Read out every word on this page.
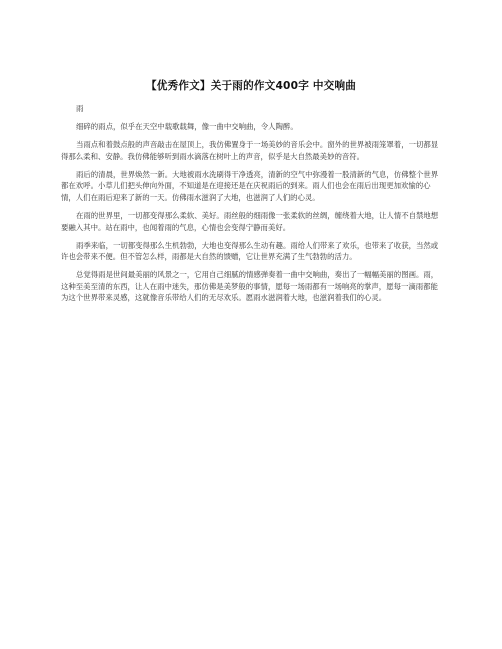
【优秀作文】关于雨的作文400字 中交响曲

雨

细碎的雨点，似乎在天空中载歌载舞，像一曲中交响曲，令人陶醉。

当雨点和着鼓点般的声音敲击在屋顶上，我仿佛置身于一场美妙的音乐会中。窗外的世界被雨笼罩着，一切都显得那么柔和、安静。我仿佛能够听到雨水滴落在树叶上的声音，似乎是大自然最美妙的音符。

雨后的清晨，世界焕然一新。大地被雨水洗刷得干净透亮，清新的空气中弥漫着一股清新的气息，仿佛整个世界都在欢呼。小草儿们把头伸向外面，不知道是在迎接还是在庆祝雨后的到来。雨人们也会在雨后出现更加欢愉的心情，人们在雨后迎来了新的一天。仿佛雨水滋润了大地，也滋润了人们的心灵。

在雨的世界里，一切都变得那么柔软、美好。雨丝般的细雨像一张柔软的丝绸，缠绕着大地，让人情不自禁地想要融入其中。站在雨中，也闻着雨的气息，心情也会变得宁静而美好。

雨季来临，一切都变得那么生机勃勃，大地也变得那么生动有趣。雨给人们带来了欢乐，也带来了收获，当然或许也会带来不便。但不管怎么样，雨都是大自然的馈赠，它让世界充满了生气勃勃的活力。

总觉得雨是世间最美丽的风景之一，它用自己细腻的情感弹奏着一曲中交响曲，奏出了一幅幅美丽的图画。雨，这种至美至清的东西，让人在雨中迷失，那仿佛是美梦般的事情，愿每一场雨都有一场响亮的掌声，愿每一滴雨都能为这个世界带来灵感，这就像音乐带给人们的无尽欢乐。愿雨水滋润着大地，也滋润着我们的心灵。
